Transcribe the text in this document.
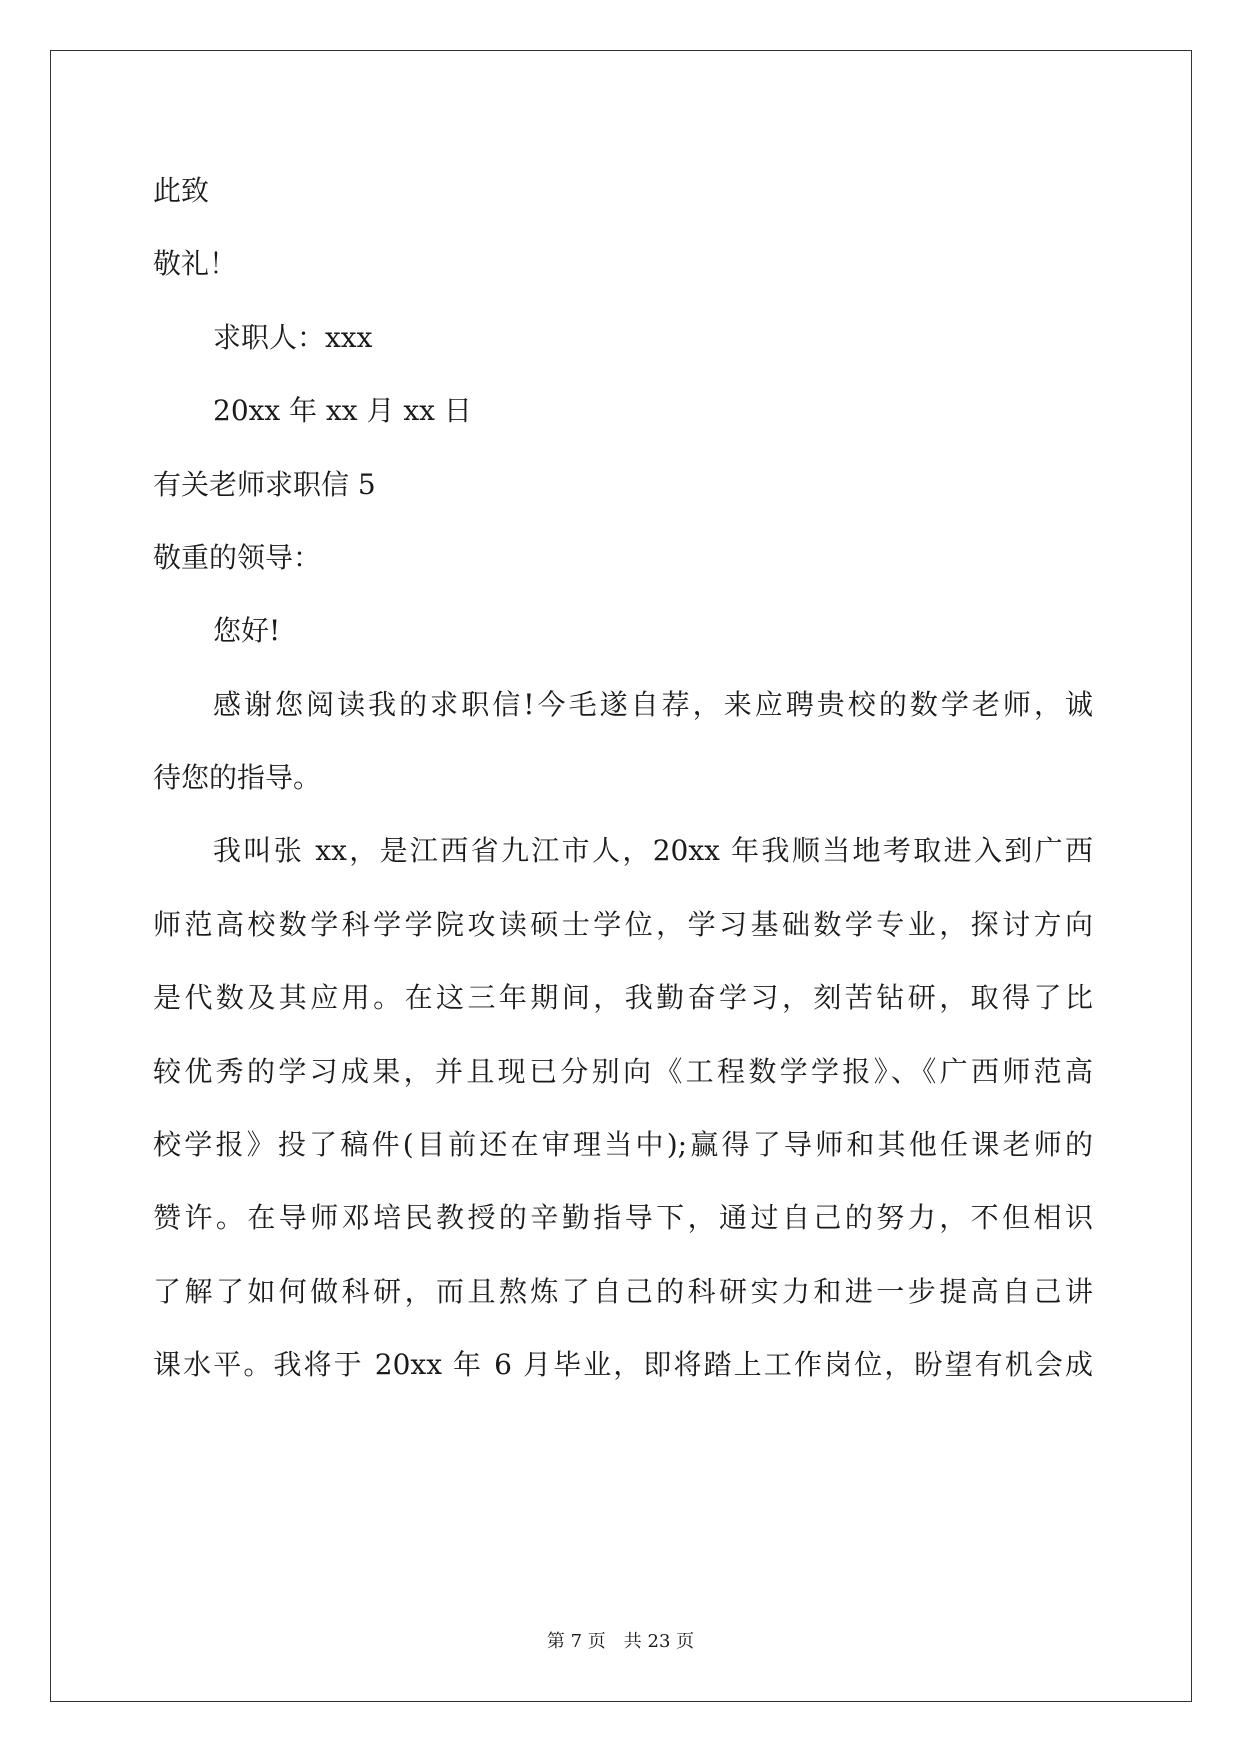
此致
敬礼！
求职人：xxx
20xx 年 xx 月 xx 日
有关老师求职信 5
敬重的领导：
您好!
感谢您阅读我的求职信!今毛遂自荐，来应聘贵校的数学老师，诚
待您的指导。
我叫张 xx，是江西省九江市人，20xx 年我顺当地考取进入到广西
师范高校数学科学学院攻读硕士学位，学习基础数学专业，探讨方向
是代数及其应用。在这三年期间，我勤奋学习，刻苦钻研，取得了比
较优秀的学习成果，并且现已分别向《工程数学学报》、《广西师范高
校学报》投了稿件(目前还在审理当中);赢得了导师和其他任课老师的
赞许。在导师邓培民教授的辛勤指导下，通过自己的努力，不但相识
了解了如何做科研，而且熬炼了自己的科研实力和进一步提高自己讲
课水平。我将于 20xx 年 6 月毕业，即将踏上工作岗位，盼望有机会成
第 7 页　共 23 页
